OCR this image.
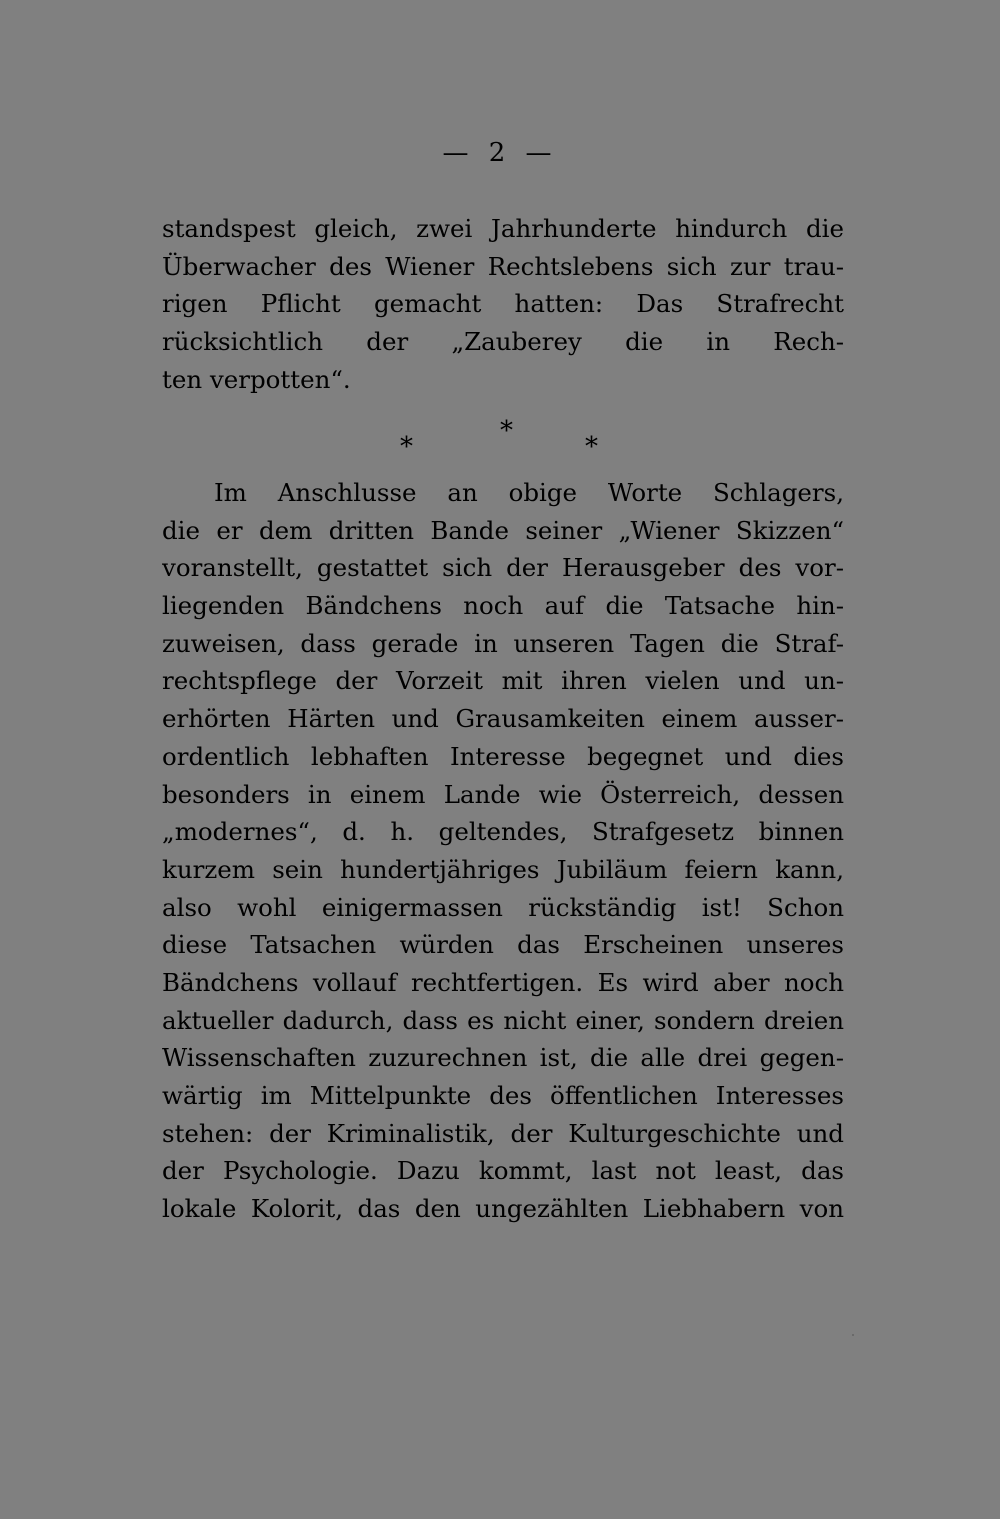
— 2 —
standspest gleich, zwei Jahrhunderte hindurch die
Überwacher des Wiener Rechtslebens sich zur trau-
rigen Pflicht gemacht hatten: Das Strafrecht
rücksichtlich der „Zauberey die in Rech-
ten verpotten“.
*
*
*
Im Anschlusse an obige Worte Schlagers,
die er dem dritten Bande seiner „Wiener Skizzen“
voranstellt, gestattet sich der Herausgeber des vor-
liegenden Bändchens noch auf die Tatsache hin-
zuweisen, dass gerade in unseren Tagen die Straf-
rechtspflege der Vorzeit mit ihren vielen und un-
erhörten Härten und Grausamkeiten einem ausser-
ordentlich lebhaften Interesse begegnet und dies
besonders in einem Lande wie Österreich, dessen
„modernes“, d. h. geltendes, Strafgesetz binnen
kurzem sein hundertjähriges Jubiläum feiern kann,
also wohl einigermassen rückständig ist! Schon
diese Tatsachen würden das Erscheinen unseres
Bändchens vollauf rechtfertigen. Es wird aber noch
aktueller dadurch, dass es nicht einer, sondern dreien
Wissenschaften zuzurechnen ist, die alle drei gegen-
wärtig im Mittelpunkte des öffentlichen Interesses
stehen: der Kriminalistik, der Kulturgeschichte und
der Psychologie. Dazu kommt, last not least, das
lokale Kolorit, das den ungezählten Liebhabern von
